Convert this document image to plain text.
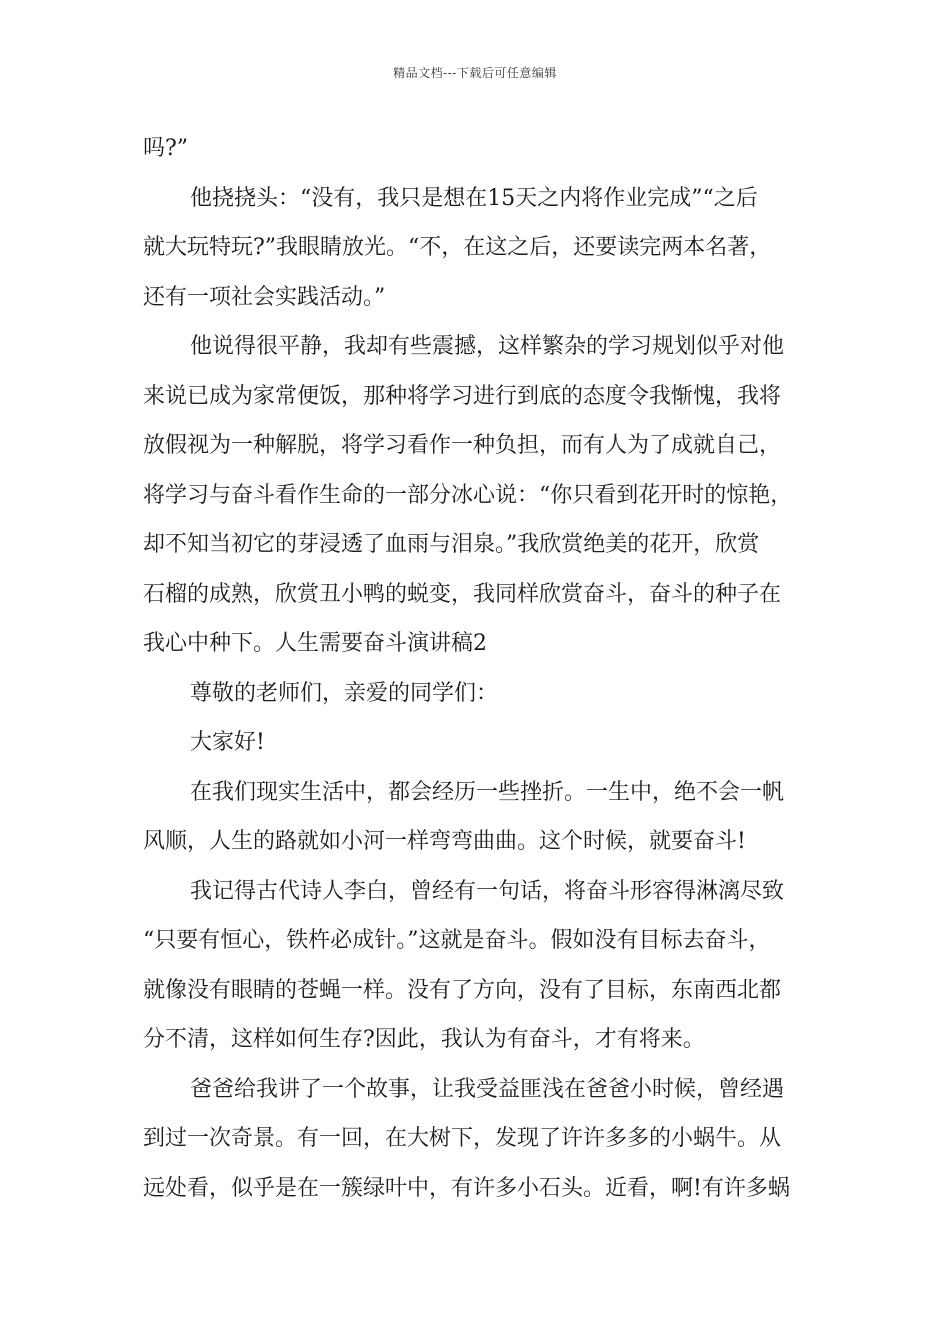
精品文档---下载后可任意编辑
吗?”
他挠挠头：“没有，我只是想在15天之内将作业完成”“之后
就大玩特玩?”我眼睛放光。“不，在这之后，还要读完两本名著，
还有一项社会实践活动。”
他说得很平静，我却有些震撼，这样繁杂的学习规划似乎对他
来说已成为家常便饭，那种将学习进行到底的态度令我惭愧，我将
放假视为一种解脱，将学习看作一种负担，而有人为了成就自己，
将学习与奋斗看作生命的一部分冰心说：“你只看到花开时的惊艳，
却不知当初它的芽浸透了血雨与泪泉。”我欣赏绝美的花开，欣赏
石榴的成熟，欣赏丑小鸭的蜕变，我同样欣赏奋斗，奋斗的种子在
我心中种下。人生需要奋斗演讲稿2
尊敬的老师们，亲爱的同学们：
大家好!
在我们现实生活中，都会经历一些挫折。一生中，绝不会一帆
风顺，人生的路就如小河一样弯弯曲曲。这个时候，就要奋斗!
我记得古代诗人李白，曾经有一句话，将奋斗形容得淋漓尽致
“只要有恒心，铁杵必成针。”这就是奋斗。假如没有目标去奋斗，
就像没有眼睛的苍蝇一样。没有了方向，没有了目标，东南西北都
分不清，这样如何生存?因此，我认为有奋斗，才有将来。
爸爸给我讲了一个故事，让我受益匪浅在爸爸小时候，曾经遇
到过一次奇景。有一回，在大树下，发现了许许多多的小蜗牛。从
远处看，似乎是在一簇绿叶中，有许多小石头。近看，啊!有许多蜗
